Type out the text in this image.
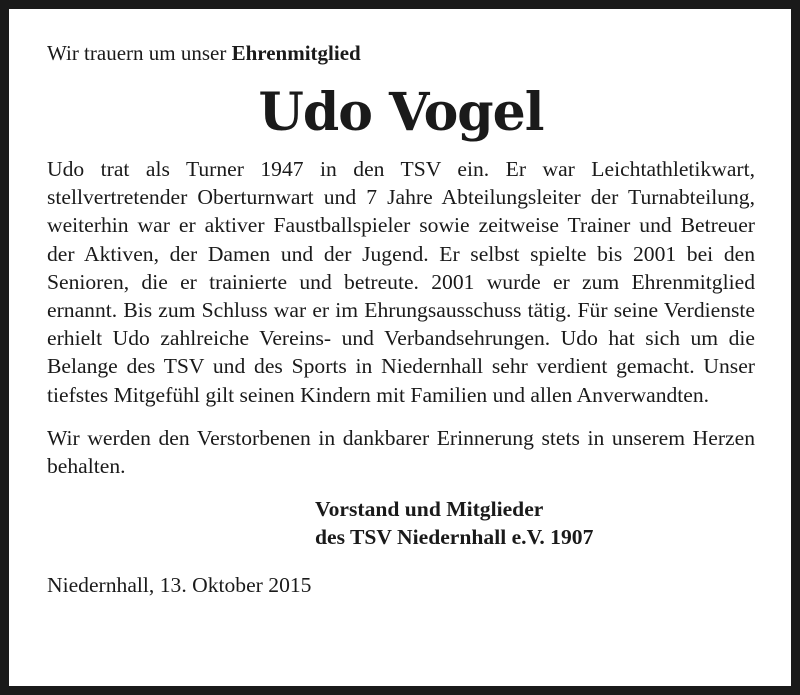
Wir trauern um unser Ehrenmitglied

Udo Vogel

Udo trat als Turner 1947 in den TSV ein. Er war Leichtathletikwart, stellvertretender Oberturnwart und 7 Jahre Abteilungsleiter der Turnabteilung, weiterhin war er aktiver Faustballspieler sowie zeitweise Trainer und Betreuer der Aktiven, der Damen und der Jugend. Er selbst spielte bis 2001 bei den Senioren, die er trainierte und betreute. 2001 wurde er zum Ehrenmitglied ernannt. Bis zum Schluss war er im Ehrungsausschuss tätig. Für seine Verdienste erhielt Udo zahlreiche Vereins- und Verbandsehrungen. Udo hat sich um die Belange des TSV und des Sports in Niedernhall sehr verdient gemacht. Unser tiefstes Mitgefühl gilt seinen Kindern mit Familien und allen Anverwandten.

Wir werden den Verstorbenen in dankbarer Erinnerung stets in unserem Herzen behalten.

Vorstand und Mitglieder
des TSV Niedernhall e.V. 1907
Niedernhall, 13. Oktober 2015
